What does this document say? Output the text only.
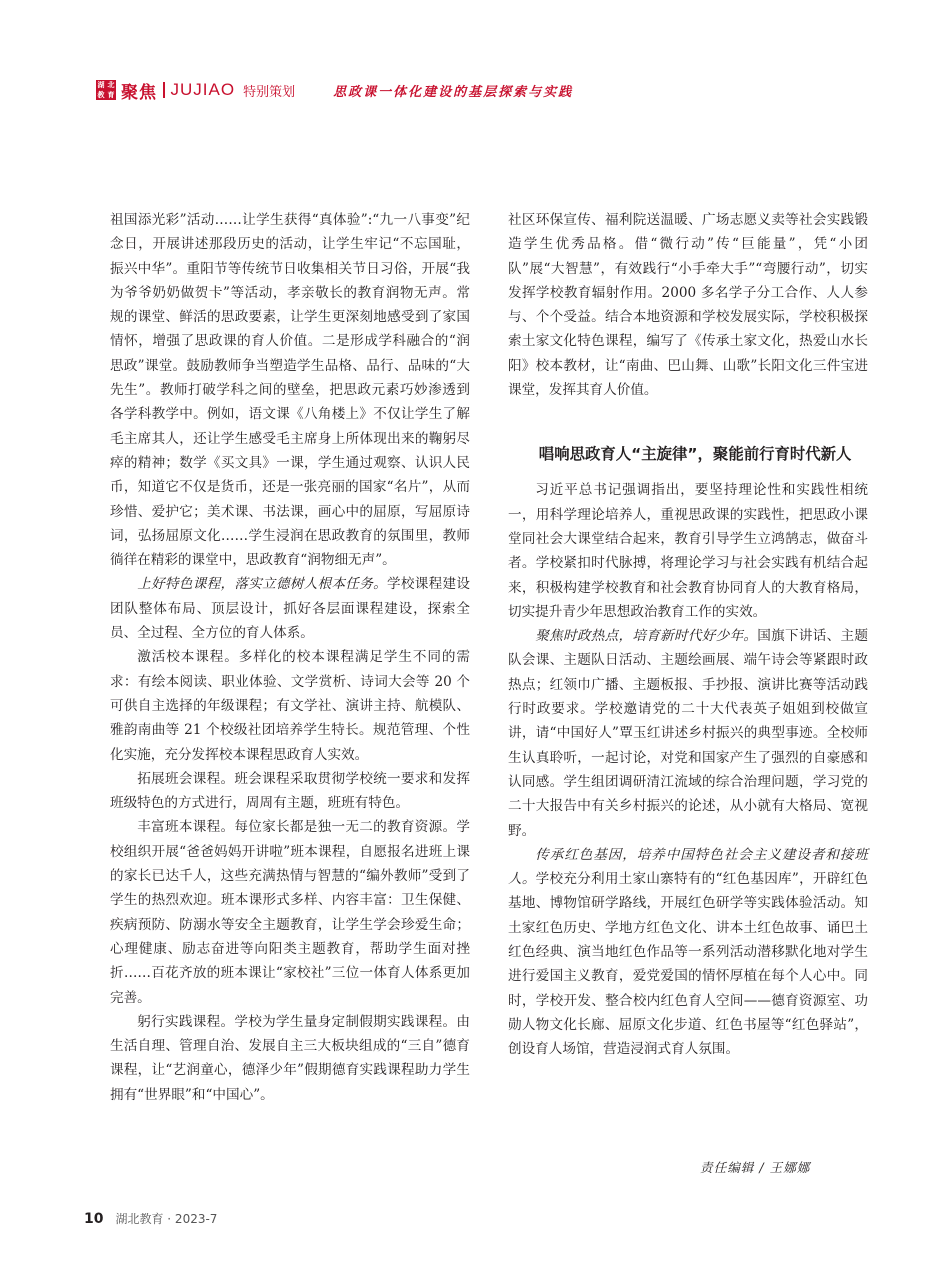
湖 北
教 育 聚焦 JUJIAO 特别策划	思政课一体化建设的基层探索与实践

祖国添光彩”活动……让学生获得“真体验”:“九一八事变”纪念日，开展讲述那段历史的活动，让学生牢记“不忘国耻，振兴中华”。重阳节等传统节日收集相关节日习俗，开展“我为爷爷奶奶做贺卡”等活动，孝亲敬长的教育润物无声。常规的课堂、鲜活的思政要素，让学生更深刻地感受到了家国情怀，增强了思政课的育人价值。二是形成学科融合的“润思政”课堂。鼓励教师争当塑造学生品格、品行、品味的“大先生”。教师打破学科之间的壁垒，把思政元素巧妙渗透到各学科教学中。例如，语文课《八角楼上》不仅让学生了解毛主席其人，还让学生感受毛主席身上所体现出来的鞠躬尽瘁的精神；数学《买文具》一课，学生通过观察、认识人民币，知道它不仅是货币，还是一张亮丽的国家“名片”，从而珍惜、爱护它；美术课、书法课，画心中的屈原，写屈原诗词，弘扬屈原文化……学生浸润在思政教育的氛围里，教师徜徉在精彩的课堂中，思政教育“润物细无声”。

上好特色课程，落实立德树人根本任务。学校课程建设团队整体布局、顶层设计，抓好各层面课程建设，探索全员、全过程、全方位的育人体系。

激活校本课程。多样化的校本课程满足学生不同的需求：有绘本阅读、职业体验、文学赏析、诗词大会等 20 个可供自主选择的年级课程；有文学社、演讲主持、航模队、雅韵南曲等 21 个校级社团培养学生特长。规范管理、个性化实施，充分发挥校本课程思政育人实效。

拓展班会课程。班会课程采取贯彻学校统一要求和发挥班级特色的方式进行，周周有主题，班班有特色。

丰富班本课程。每位家长都是独一无二的教育资源。学校组织开展“爸爸妈妈开讲啦”班本课程，自愿报名进班上课的家长已达千人，这些充满热情与智慧的“编外教师”受到了学生的热烈欢迎。班本课形式多样、内容丰富：卫生保健、疾病预防、防溺水等安全主题教育，让学生学会珍爱生命；心理健康、励志奋进等向阳类主题教育，帮助学生面对挫折……百花齐放的班本课让“家校社”三位一体育人体系更加完善。

躬行实践课程。学校为学生量身定制假期实践课程。由生活自理、管理自治、发展自主三大板块组成的“三自”德育课程，让“艺润童心，德泽少年”假期德育实践课程助力学生拥有“世界眼”和“中国心”。

社区环保宣传、福利院送温暖、广场志愿义卖等社会实践锻造学生优秀品格。借“微行动”传“巨能量”，凭“小团队”展“大智慧”，有效践行“小手牵大手”“弯腰行动”，切实发挥学校教育辐射作用。2000 多名学子分工合作、人人参与、个个受益。结合本地资源和学校发展实际，学校积极探索土家文化特色课程，编写了《传承土家文化，热爱山水长阳》校本教材，让“南曲、巴山舞、山歌”长阳文化三件宝进课堂，发挥其育人价值。

唱响思政育人“主旋律”，聚能前行育时代新人

习近平总书记强调指出，要坚持理论性和实践性相统一，用科学理论培养人，重视思政课的实践性，把思政小课堂同社会大课堂结合起来，教育引导学生立鸿鹄志，做奋斗者。学校紧扣时代脉搏，将理论学习与社会实践有机结合起来，积极构建学校教育和社会教育协同育人的大教育格局，切实提升青少年思想政治教育工作的实效。

聚焦时政热点，培育新时代好少年。国旗下讲话、主题队会课、主题队日活动、主题绘画展、端午诗会等紧跟时政热点；红领巾广播、主题板报、手抄报、演讲比赛等活动践行时政要求。学校邀请党的二十大代表英子姐姐到校做宣讲，请“中国好人”覃玉红讲述乡村振兴的典型事迹。全校师生认真聆听，一起讨论，对党和国家产生了强烈的自豪感和认同感。学生组团调研清江流域的综合治理问题，学习党的二十大报告中有关乡村振兴的论述，从小就有大格局、宽视野。

传承红色基因，培养中国特色社会主义建设者和接班人。学校充分利用土家山寨特有的“红色基因库”，开辟红色基地、博物馆研学路线，开展红色研学等实践体验活动。知土家红色历史、学地方红色文化、讲本土红色故事、诵巴土红色经典、演当地红色作品等一系列活动潜移默化地对学生进行爱国主义教育，爱党爱国的情怀厚植在每个人心中。同时，学校开发、整合校内红色育人空间——德育资源室、功勋人物文化长廊、屈原文化步道、红色书屋等“红色驿站”，创设育人场馆，营造浸润式育人氛围。

责任编辑 / 王娜娜
10 湖北教育 · 2023-7
